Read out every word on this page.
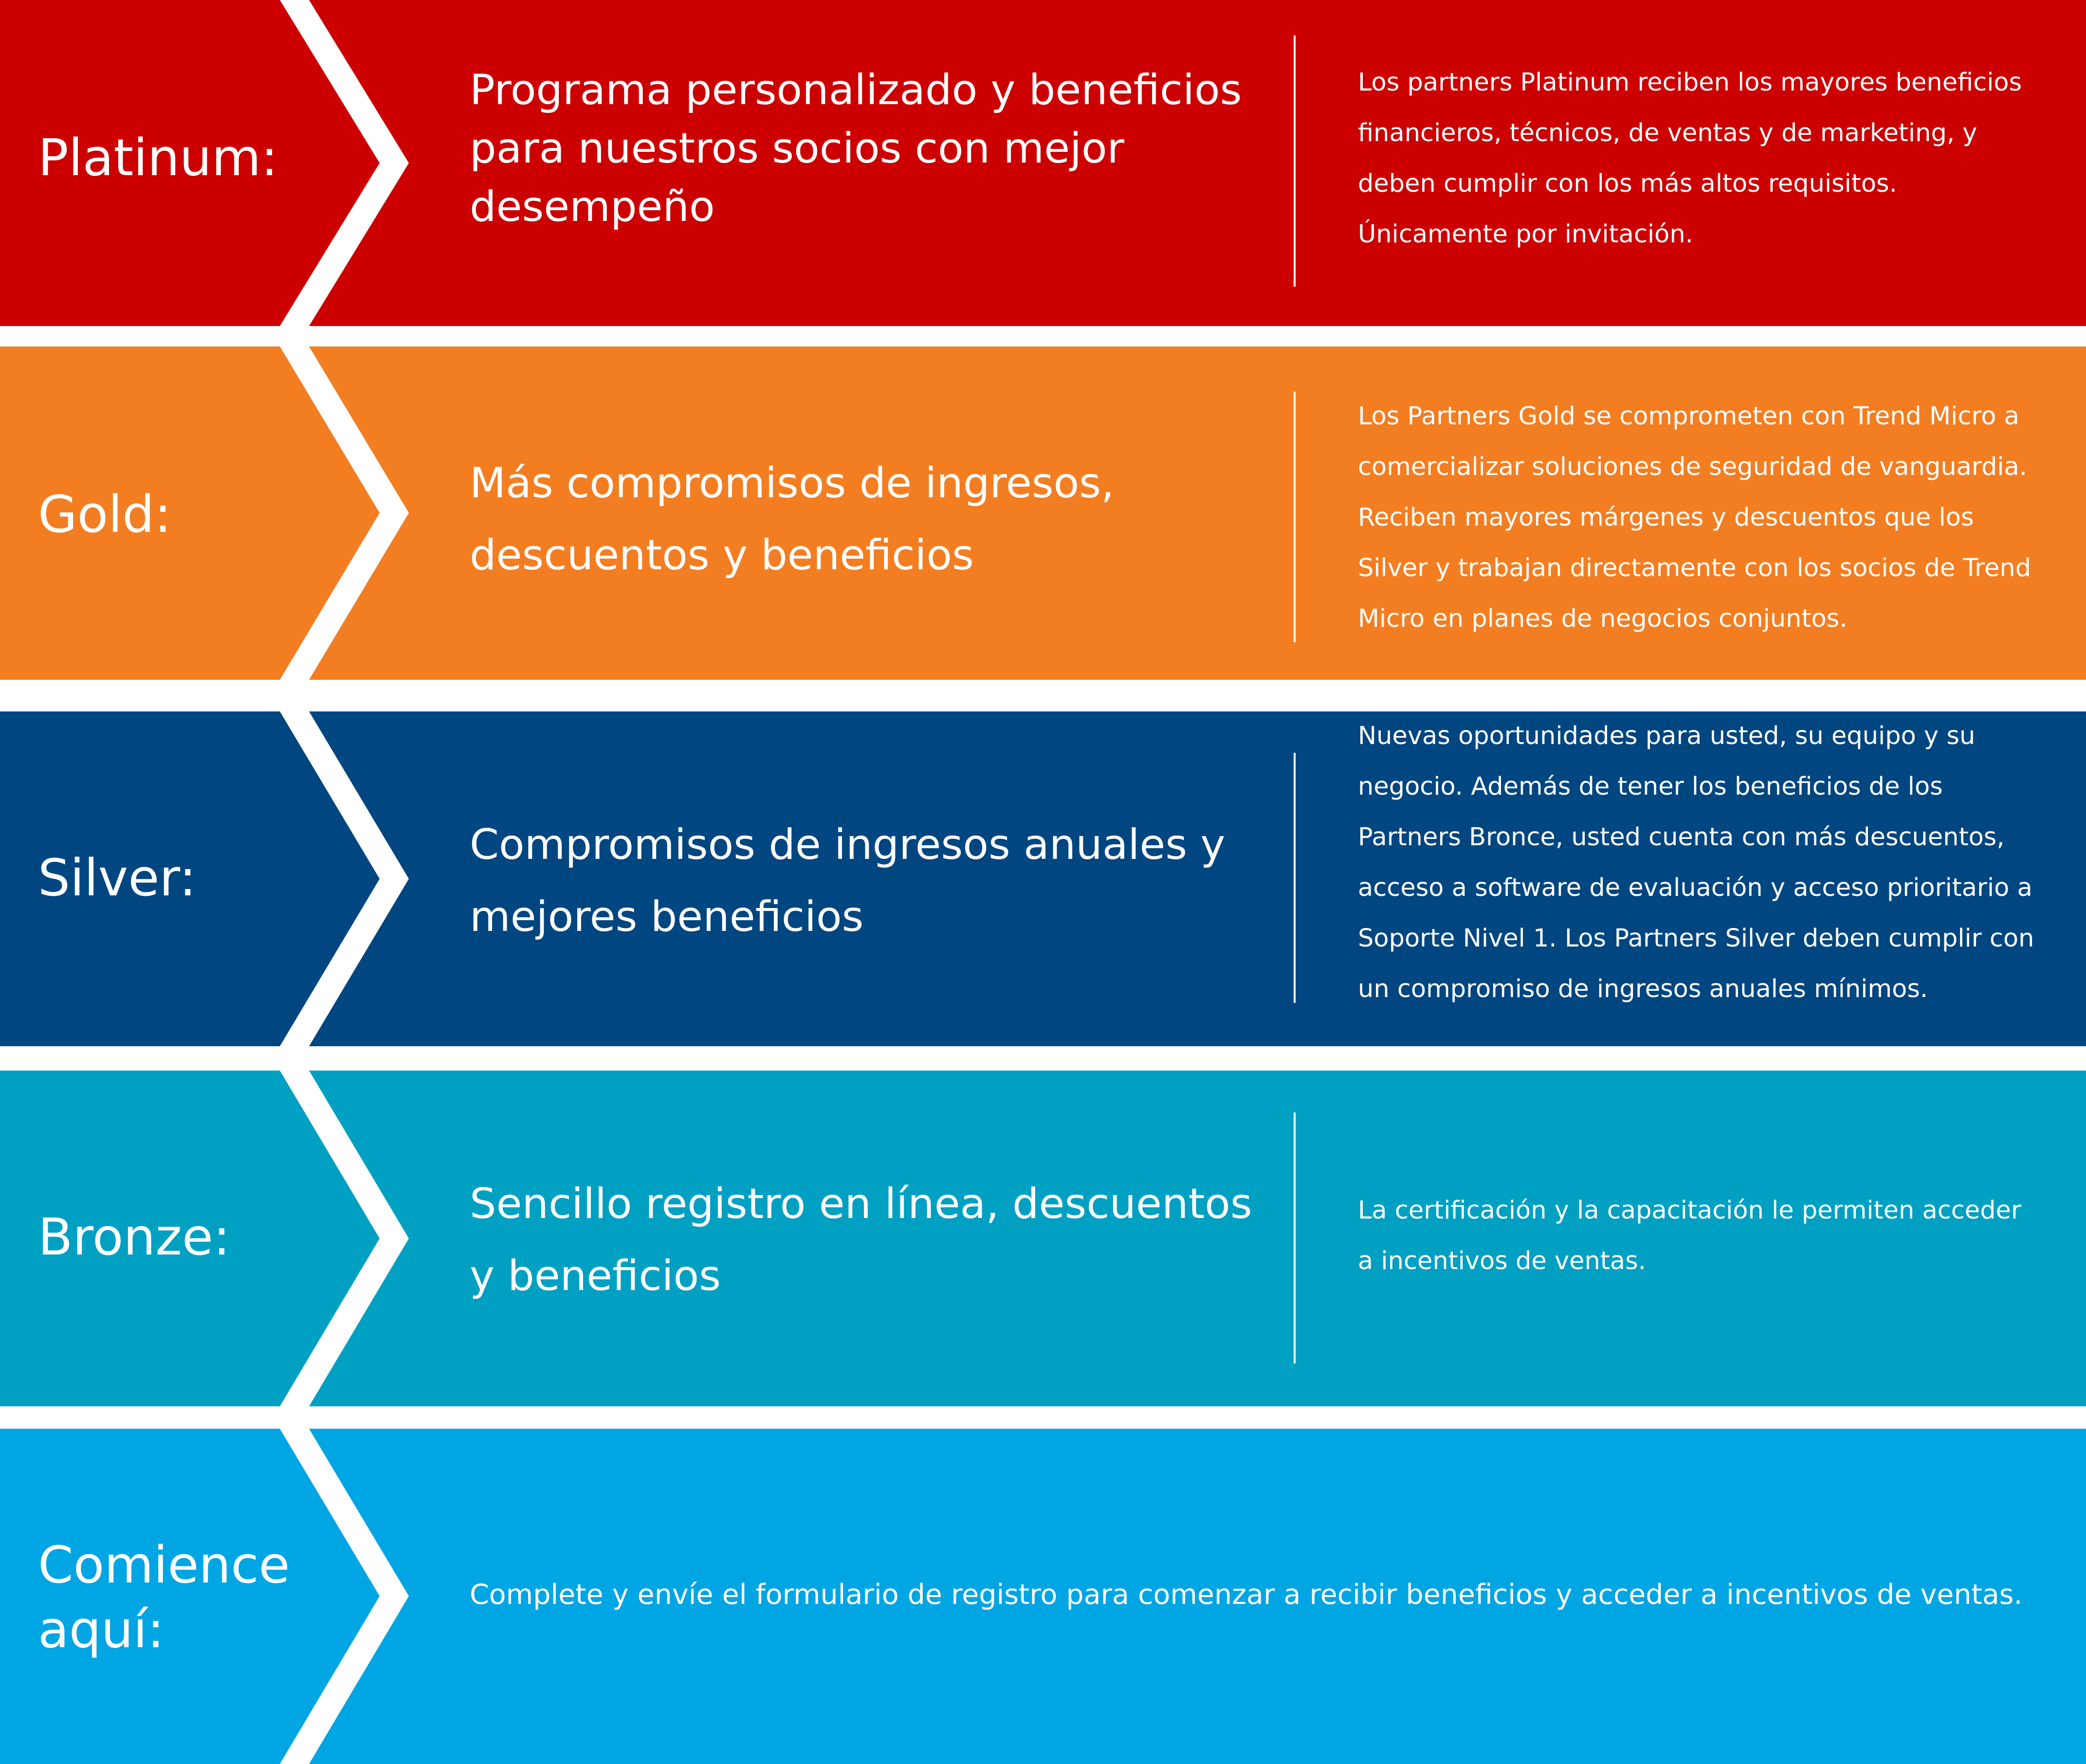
Platinum:
Programa personalizado y beneficios para nuestros socios con mejor desempeño
Los partners Platinum reciben los mayores beneficios financieros, técnicos, de ventas y de marketing, y deben cumplir con los más altos requisitos. Únicamente por invitación.
Gold:
Más compromisos de ingresos, descuentos y beneficios
Los Partners Gold se comprometen con Trend Micro a comercializar soluciones de seguridad de vanguardia. Reciben mayores márgenes y descuentos que los Silver y trabajan directamente con los socios de Trend Micro en planes de negocios conjuntos.
Silver:
Compromisos de ingresos anuales y mejores beneficios
Nuevas oportunidades para usted, su equipo y su negocio. Además de tener los beneficios de los Partners Bronce, usted cuenta con más descuentos, acceso a software de evaluación y acceso prioritario a Soporte Nivel 1. Los Partners Silver deben cumplir con un compromiso de ingresos anuales mínimos.
Bronze:
Sencillo registro en línea, descuentos y beneficios
La certificación y la capacitación le permiten acceder a incentivos de ventas.
Comience aquí:
Complete y envíe el formulario de registro para comenzar a recibir beneficios y acceder a incentivos de ventas.
